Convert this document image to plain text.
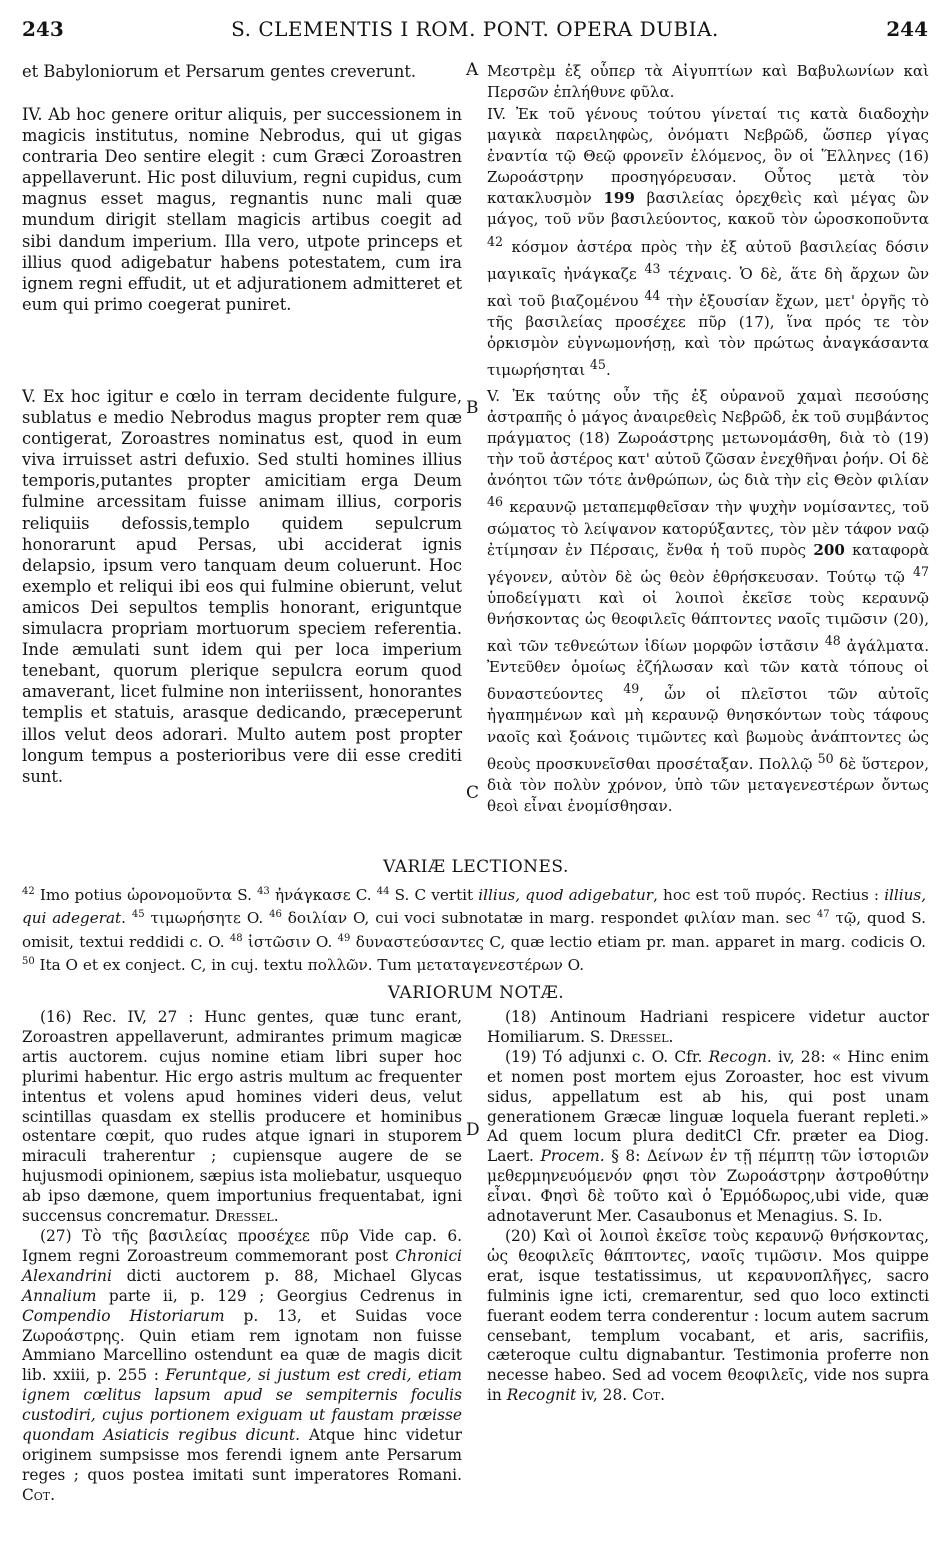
243	S. CLEMENTIS I ROM. PONT. OPERA DUBIA.	244

et Babyloniorum et Persarum gentes creverunt.

IV. Ab hoc genere oritur aliquis, per successionem in magicis institutus, nomine Nebrodus, qui ut gigas contraria Deo sentire elegit : cum Græci Zoroastren appellaverunt. Hic post diluvium, regni cupidus, cum magnus esset magus, regnantis nunc mali quæ mundum dirigit stellam magicis artibus coegit ad sibi dandum imperium. Illa vero, utpote princeps et illius quod adigebatur habens potestatem, cum ira ignem regni effudit, ut et adjurationem admitteret et eum qui primo coegerat puniret.

V. Ex hoc igitur e cœlo in terram decidente fulgure, sublatus e medio Nebrodus magus propter rem quæ contigerat, Zoroastres nominatus est, quod in eum viva irruisset astri defuxio. Sed stulti homines illius temporis,putantes propter amicitiam erga Deum fulmine arcessitam fuisse animam illius, corporis reliquiis defossis,templo quidem sepulcrum honorarunt apud Persas, ubi acciderat ignis delapsio, ipsum vero tanquam deum coluerunt. Hoc exemplo et reliqui ibi eos qui fulmine obierunt, velut amicos Dei sepultos templis honorant, eriguntque simulacra propriam mortuorum speciem referentia. Inde æmulati sunt idem qui per loca imperium tenebant, quorum plerique sepulcra eorum quod amaverant, licet fulmine non interiissent, honorantes templis et statuis, arasque dedicando, præceperunt illos velut deos adorari. Multo autem post propter longum tempus a posterioribus vere dii esse crediti sunt.

A
B
C
D

Μεστρὲμ ἐξ οὗπερ τὰ Αἰγυπτίων καὶ Βαβυλωνίων καὶ Περσῶν ἐπλήθυνε φῦλα.

IV. Ἐκ τοῦ γένους τούτου γίνεταί τις κατὰ διαδοχὴν μαγικὰ παρειληφὼς, ὀνόματι Νεβρῶδ, ὥσπερ γίγας ἐναντία τῷ Θεῷ φρονεῖν ἑλόμενος, ὃν οἱ Ἕλληνες (16) Ζωροάστρην προσηγόρευσαν. Οὗτος μετὰ τὸν κατακλυσμὸν 199 βασιλείας ὀρεχθεὶς καὶ μέγας ὢν μάγος, τοῦ νῦν βασιλεύοντος, κακοῦ τὸν ὡροσκοποῦντα $^{42}$ κόσμον ἀστέρα πρὸς τὴν ἐξ αὐτοῦ βασιλείας δόσιν μαγικαῖς ἠνάγκαζε $^{43}$ τέχναις. Ὁ δὲ, ἅτε δὴ ἄρχων ὢν καὶ τοῦ βιαζομένου $^{44}$ τὴν ἐξουσίαν ἔχων, μετ' ὀργῆς τὸ τῆς βασιλείας προσέχεε πῦρ (17), ἵνα πρός τε τὸν ὁρκισμὸν εὐγνωμονήσῃ, καὶ τὸν πρώτως ἀναγκάσαντα τιμωρήσηται $^{45}$.

V. Ἐκ ταύτης οὖν τῆς ἐξ οὐρανοῦ χαμαὶ πεσούσης ἀστραπῆς ὁ μάγος ἀναιρεθεὶς Νεβρῶδ, ἐκ τοῦ συμβάντος πράγματος (18) Ζωροάστρης μετωνομάσθη, διὰ τὸ (19) τὴν τοῦ ἀστέρος κατ' αὐτοῦ ζῶσαν ἐνεχθῆναι ῥοήν. Οἱ δὲ ἀνόητοι τῶν τότε ἀνθρώπων, ὡς διὰ τὴν εἰς Θεὸν φιλίαν $^{46}$ κεραυνῷ μεταπεμφθεῖσαν τὴν ψυχὴν νομίσαντες, τοῦ σώματος τὸ λείψανον κατορύξαντες, τὸν μὲν τάφον ναῷ ἐτίμησαν ἐν Πέρσαις, ἔνθα ἡ τοῦ πυρὸς 200 καταφορὰ γέγονεν, αὐτὸν δὲ ὡς θεὸν ἐθρήσκευσαν. Τούτῳ τῷ $^{47}$ ὑποδείγματι καὶ οἱ λοιποὶ ἐκεῖσε τοὺς κεραυνῷ θνήσκοντας ὡς θεοφιλεῖς θάπτοντες ναοῖς τιμῶσιν (20), καὶ τῶν τεθνεώτων ἰδίων μορφῶν ἱστᾶσιν $^{48}$ ἀγάλματα. Ἐντεῦθεν ὁμοίως ἐζήλωσαν καὶ τῶν κατὰ τόπους οἱ δυναστεύοντες $^{49}$, ὧν οἱ πλεῖστοι τῶν αὐτοῖς ἠγαπημένων καὶ μὴ κεραυνῷ θνησκόντων τοὺς τάφους ναοῖς καὶ ξοάνοις τιμῶντες καὶ βωμοὺς ἀνάπτοντες ὡς θεοὺς προσκυνεῖσθαι προσέταξαν. Πολλῷ $^{50}$ δὲ ὕστερον, διὰ τὸν πολὺν χρόνον, ὑπὸ τῶν μεταγενεστέρων ὄντως θεοὶ εἶναι ἐνομίσθησαν.

VARIÆ LECTIONES.
$^{42}$ Imo potius ὡρονομοῦντα S. $^{43}$ ἠνάγκασε C. $^{44}$ S. C vertit illius, quod adigebatur, hoc est τοῦ πυρός. Rectius : illius, qui adegerat. $^{45}$ τιμωρήσητε O. $^{46}$ δοιλίαν O, cui voci subnotatæ in marg. respondet φιλίαν man. sec $^{47}$ τῷ, quod S. omisit, textui reddidi c. O. $^{48}$ ἱστῶσιν O. $^{49}$ δυναστεύσαντες C, quæ lectio etiam pr. man. apparet in marg. codicis O. $^{50}$ Ita O et ex conject. C, in cuj. textu πολλῶν. Tum μεταταγενεστέρων O.
VARIORUM NOTÆ.

(16) Rec. IV, 27 : Hunc gentes, quæ tunc erant, Zoroastren appellaverunt, admirantes primum magicæ artis auctorem. cujus nomine etiam libri super hoc plurimi habentur. Hic ergo astris multum ac frequenter intentus et volens apud homines videri deus, velut scintillas quasdam ex stellis producere et hominibus ostentare cœpit, quo rudes atque ignari in stuporem miraculi traherentur ; cupiensque augere de se hujusmodi opinionem, sæpius ista moliebatur, usquequo ab ipso dæmone, quem importunius frequentabat, igni succensus concrematur. Dressel.

(27) Τὸ τῆς βασιλείας προσέχεε πῦρ Vide cap. 6. Ignem regni Zoroastreum commemorant post Chronici Alexandrini dicti auctorem p. 88, Michael Glycas Annalium parte ii, p. 129 ; Georgius Cedrenus in Compendio Historiarum p. 13, et Suidas voce Ζωροάστρης. Quin etiam rem ignotam non fuisse Ammiano Marcellino ostendunt ea quæ de magis dicit lib. xxiii, p. 255 : Feruntque, si justum est credi, etiam ignem cœlitus lapsum apud se sempiternis foculis custodiri, cujus portionem exiguam ut faustam præisse quondam Asiaticis regibus dicunt. Atque hinc videtur originem sumpsisse mos ferendi ignem ante Persarum reges ; quos postea imitati sunt imperatores Romani. Cot.

(18) Antinoum Hadriani respicere videtur auctor Homiliarum. S. Dressel.

(19) Τό adjunxi c. O. Cfr. Recogn. iv, 28: « Hinc enim et nomen post mortem ejus Zoroaster, hoc est vivum sidus, appellatum est ab his, qui post unam generationem Græcæ linguæ loquela fuerant repleti.» Ad quem locum plura deditCl Cfr. præter ea Diog. Laert. Procem. § 8: Δείνων ἐν τῇ πέμπτῃ τῶν ἱστοριῶν μεθερμηνευόμενόν φησι τὸν Ζωροάστρην ἀστροθύτην εἶναι. Φησὶ δὲ τοῦτο καὶ ὁ Ἑρμόδωρος,ubi vide, quæ adnotaverunt Mer. Casaubonus et Menagius. S. Id.

(20) Καὶ οἱ λοιποὶ ἐκεῖσε τοὺς κεραυνῷ θνήσκοντας, ὡς θεοφιλεῖς θάπτοντες, ναοῖς τιμῶσιν. Mos quippe erat, isque testatissimus, ut κεραυνοπλῆγες, sacro fulminis igne icti, cremarentur, sed quo loco extincti fuerant eodem terra conderentur : locum autem sacrum censebant, templum vocabant, et aris, sacrifiis, cæteroque cultu dignabantur. Testimonia proferre non necesse habeo. Sed ad vocem θεοφιλεῖς, vide nos supra in Recognit iv, 28. Cot.
